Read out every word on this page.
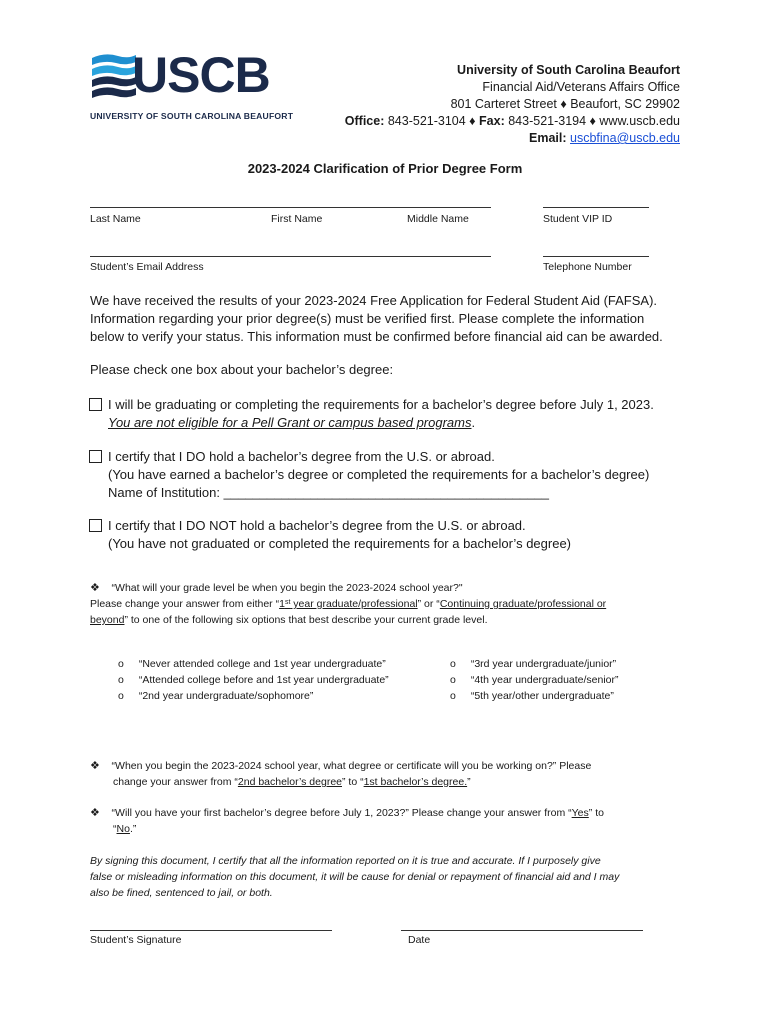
USCB
UNIVERSITY OF SOUTH CAROLINA BEAUFORT
University of South Carolina Beaufort
Financial Aid/Veterans Affairs Office
801 Carteret Street ♦ Beaufort, SC 29902
Office: 843-521-3104 ♦ Fax: 843-521-3194 ♦ www.uscb.edu
Email: uscbfina@uscb.edu
2023-2024 Clarification of Prior Degree Form
Last Name	First Name	Middle Name	Student VIP ID
Student’s Email Address	Telephone Number
We have received the results of your 2023-2024 Free Application for Federal Student Aid (FAFSA).
Information regarding your prior degree(s) must be verified first. Please complete the information
below to verify your status. This information must be confirmed before financial aid can be awarded.
Please check one box about your bachelor’s degree:
I will be graduating or completing the requirements for a bachelor’s degree before July 1, 2023.
You are not eligible for a Pell Grant or campus based programs.
I certify that I DO hold a bachelor’s degree from the U.S. or abroad.
(You have earned a bachelor’s degree or completed the requirements for a bachelor’s degree)
Name of Institution: _____________________________________________
I certify that I DO NOT hold a bachelor’s degree from the U.S. or abroad.
(You have not graduated or completed the requirements for a bachelor’s degree)
❖ “What will your grade level be when you begin the 2023-2024 school year?"
Please change your answer from either “1st year graduate/professional” or “Continuing graduate/professional or
beyond” to one of the following six options that best describe your current grade level.
o “Never attended college and 1st year undergraduate”
o “Attended college before and 1st year undergraduate”
o “2nd year undergraduate/sophomore”
o “3rd year undergraduate/junior”
o “4th year undergraduate/senior”
o “5th year/other undergraduate”
❖ “When you begin the 2023-2024 school year, what degree or certificate will you be working on?” Please
change your answer from “2nd bachelor’s degree” to “1st bachelor’s degree.”
❖ “Will you have your first bachelor’s degree before July 1, 2023?” Please change your answer from “Yes” to
“No.”
By signing this document, I certify that all the information reported on it is true and accurate. If I purposely give
false or misleading information on this document, it will be cause for denial or repayment of financial aid and I may
also be fined, sentenced to jail, or both.
Student’s Signature	Date
